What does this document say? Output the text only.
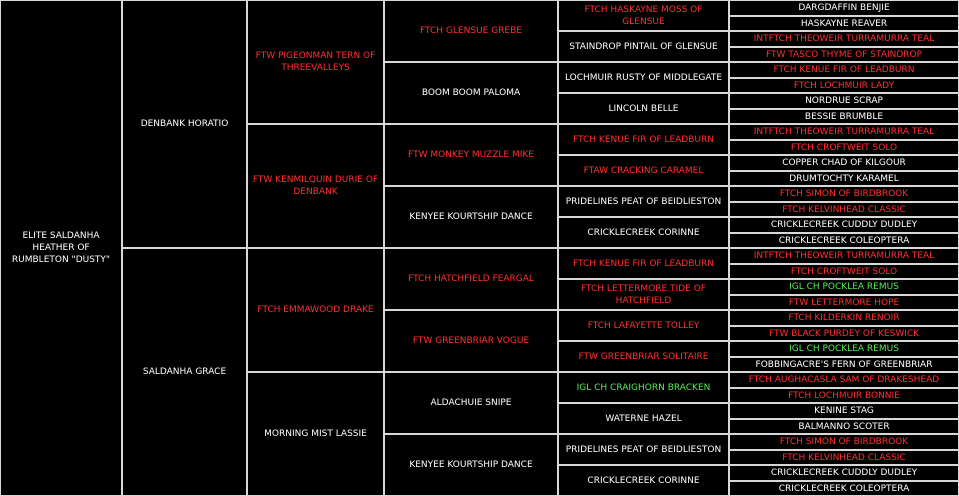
ELITE SALDANHA HEATHER OF RUMBLETON "DUSTY"
DENBANK HORATIO
SALDANHA GRACE
FTW PIGEONMAN TERN OF THREEVALLEYS
FTW KENMILQUIN DURIE OF DENBANK
FTCH EMMAWOOD DRAKE
MORNING MIST LASSIE
FTCH GLENSUE GREBE
BOOM BOOM PALOMA
FTW MONKEY MUZZLE MIKE
KENYEE KOURTSHIP DANCE
FTCH HATCHFIELD FEARGAL
FTW GREENBRIAR VOGUE
ALDACHUIE SNIPE
KENYEE KOURTSHIP DANCE
FTCH HASKAYNE MOSS OF GLENSUE
STAINDROP PINTAIL OF GLENSUE
LOCHMUIR RUSTY OF MIDDLEGATE
LINCOLN BELLE
FTCH KENUE FIR OF LEADBURN
FTAW CRACKING CARAMEL
PRIDELINES PEAT OF BEIDLIESTON
CRICKLECREEK CORINNE
FTCH KENUE FIR OF LEADBURN
FTCH LETTERMORE TIDE OF HATCHFIELD
FTCH LAFAYETTE TOLLEY
FTW GREENBRIAR SOLITAIRE
IGL CH CRAIGHORN BRACKEN
WATERNE HAZEL
PRIDELINES PEAT OF BEIDLIESTON
CRICKLECREEK CORINNE
DARGDAFFIN BENJIE
HASKAYNE REAVER
INTFTCH THEOWEIR TURRAMURRA TEAL
FTW TASCO THYME OF STAINDROP
FTCH KENUE FIR OF LEADBURN
FTCH LOCHMUIR LADY
NORDRUE SCRAP
BESSIE BRUMBLE
INTFTCH THEOWEIR TURRAMURRA TEAL
FTCH CROFTWEIT SOLO
COPPER CHAD OF KILGOUR
DRUMTOCHTY KARAMEL
FTCH SIMON OF BIRDBROOK
FTCH KELVINHEAD CLASSIC
CRICKLECREEK CUDDLY DUDLEY
CRICKLECREEK COLEOPTERA
INTFTCH THEOWEIR TURRAMURRA TEAL
FTCH CROFTWEIT SOLO
IGL CH POCKLEA REMUS
FTW LETTERMORE HOPE
FTCH KILDERKIN RENOIR
FTW BLACK PURDEY OF KESWICK
IGL CH POCKLEA REMUS
FOBBINGACRE'S FERN OF GREENBRIAR
FTCH AUGHACASLA SAM OF DRAKESHEAD
FTCH LOCHMUIR BONNIE
KENINE STAG
BALMANNO SCOTER
FTCH SIMON OF BIRDBROOK
FTCH KELVINHEAD CLASSIC
CRICKLECREEK CUDDLY DUDLEY
CRICKLECREEK COLEOPTERA
